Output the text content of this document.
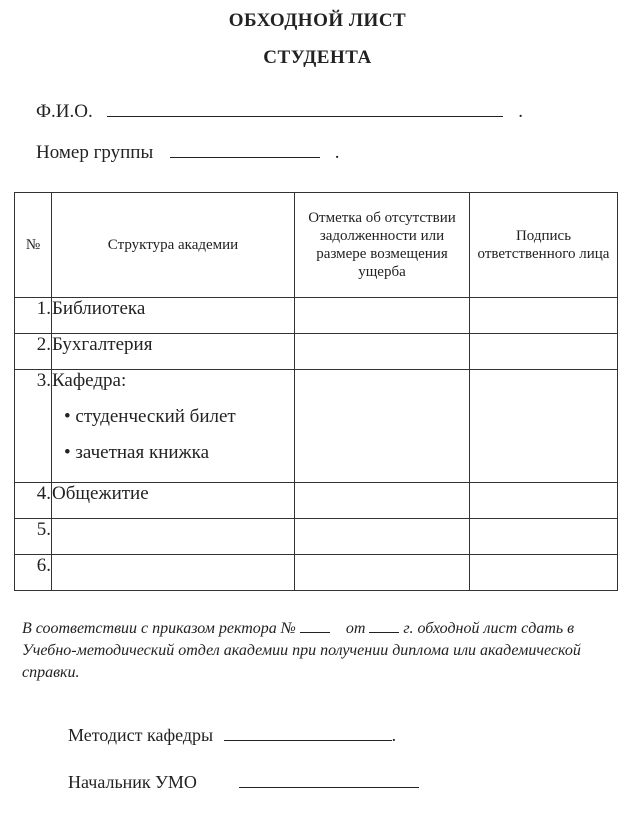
ОБХОДНОЙ ЛИСТ
СТУДЕНТА
Ф.И.О.	.
Номер группы	.
№	Структура академии	Отметка об отсутствии задолженности или размере возмещения ущерба	Подпись ответственного лица
1.	Библиотека		
2.	Бухгалтерия		
3.	Кафедра:
• студенческий билет
• зачетная книжка		

4.	Общежитие		
5.			
6.			
В соответствии с приказом ректора №	от г. обходной лист сдать в Учебно-методический отдел академии при получении диплома или академической справки.
Методист кафедры	.
Начальник УМО
